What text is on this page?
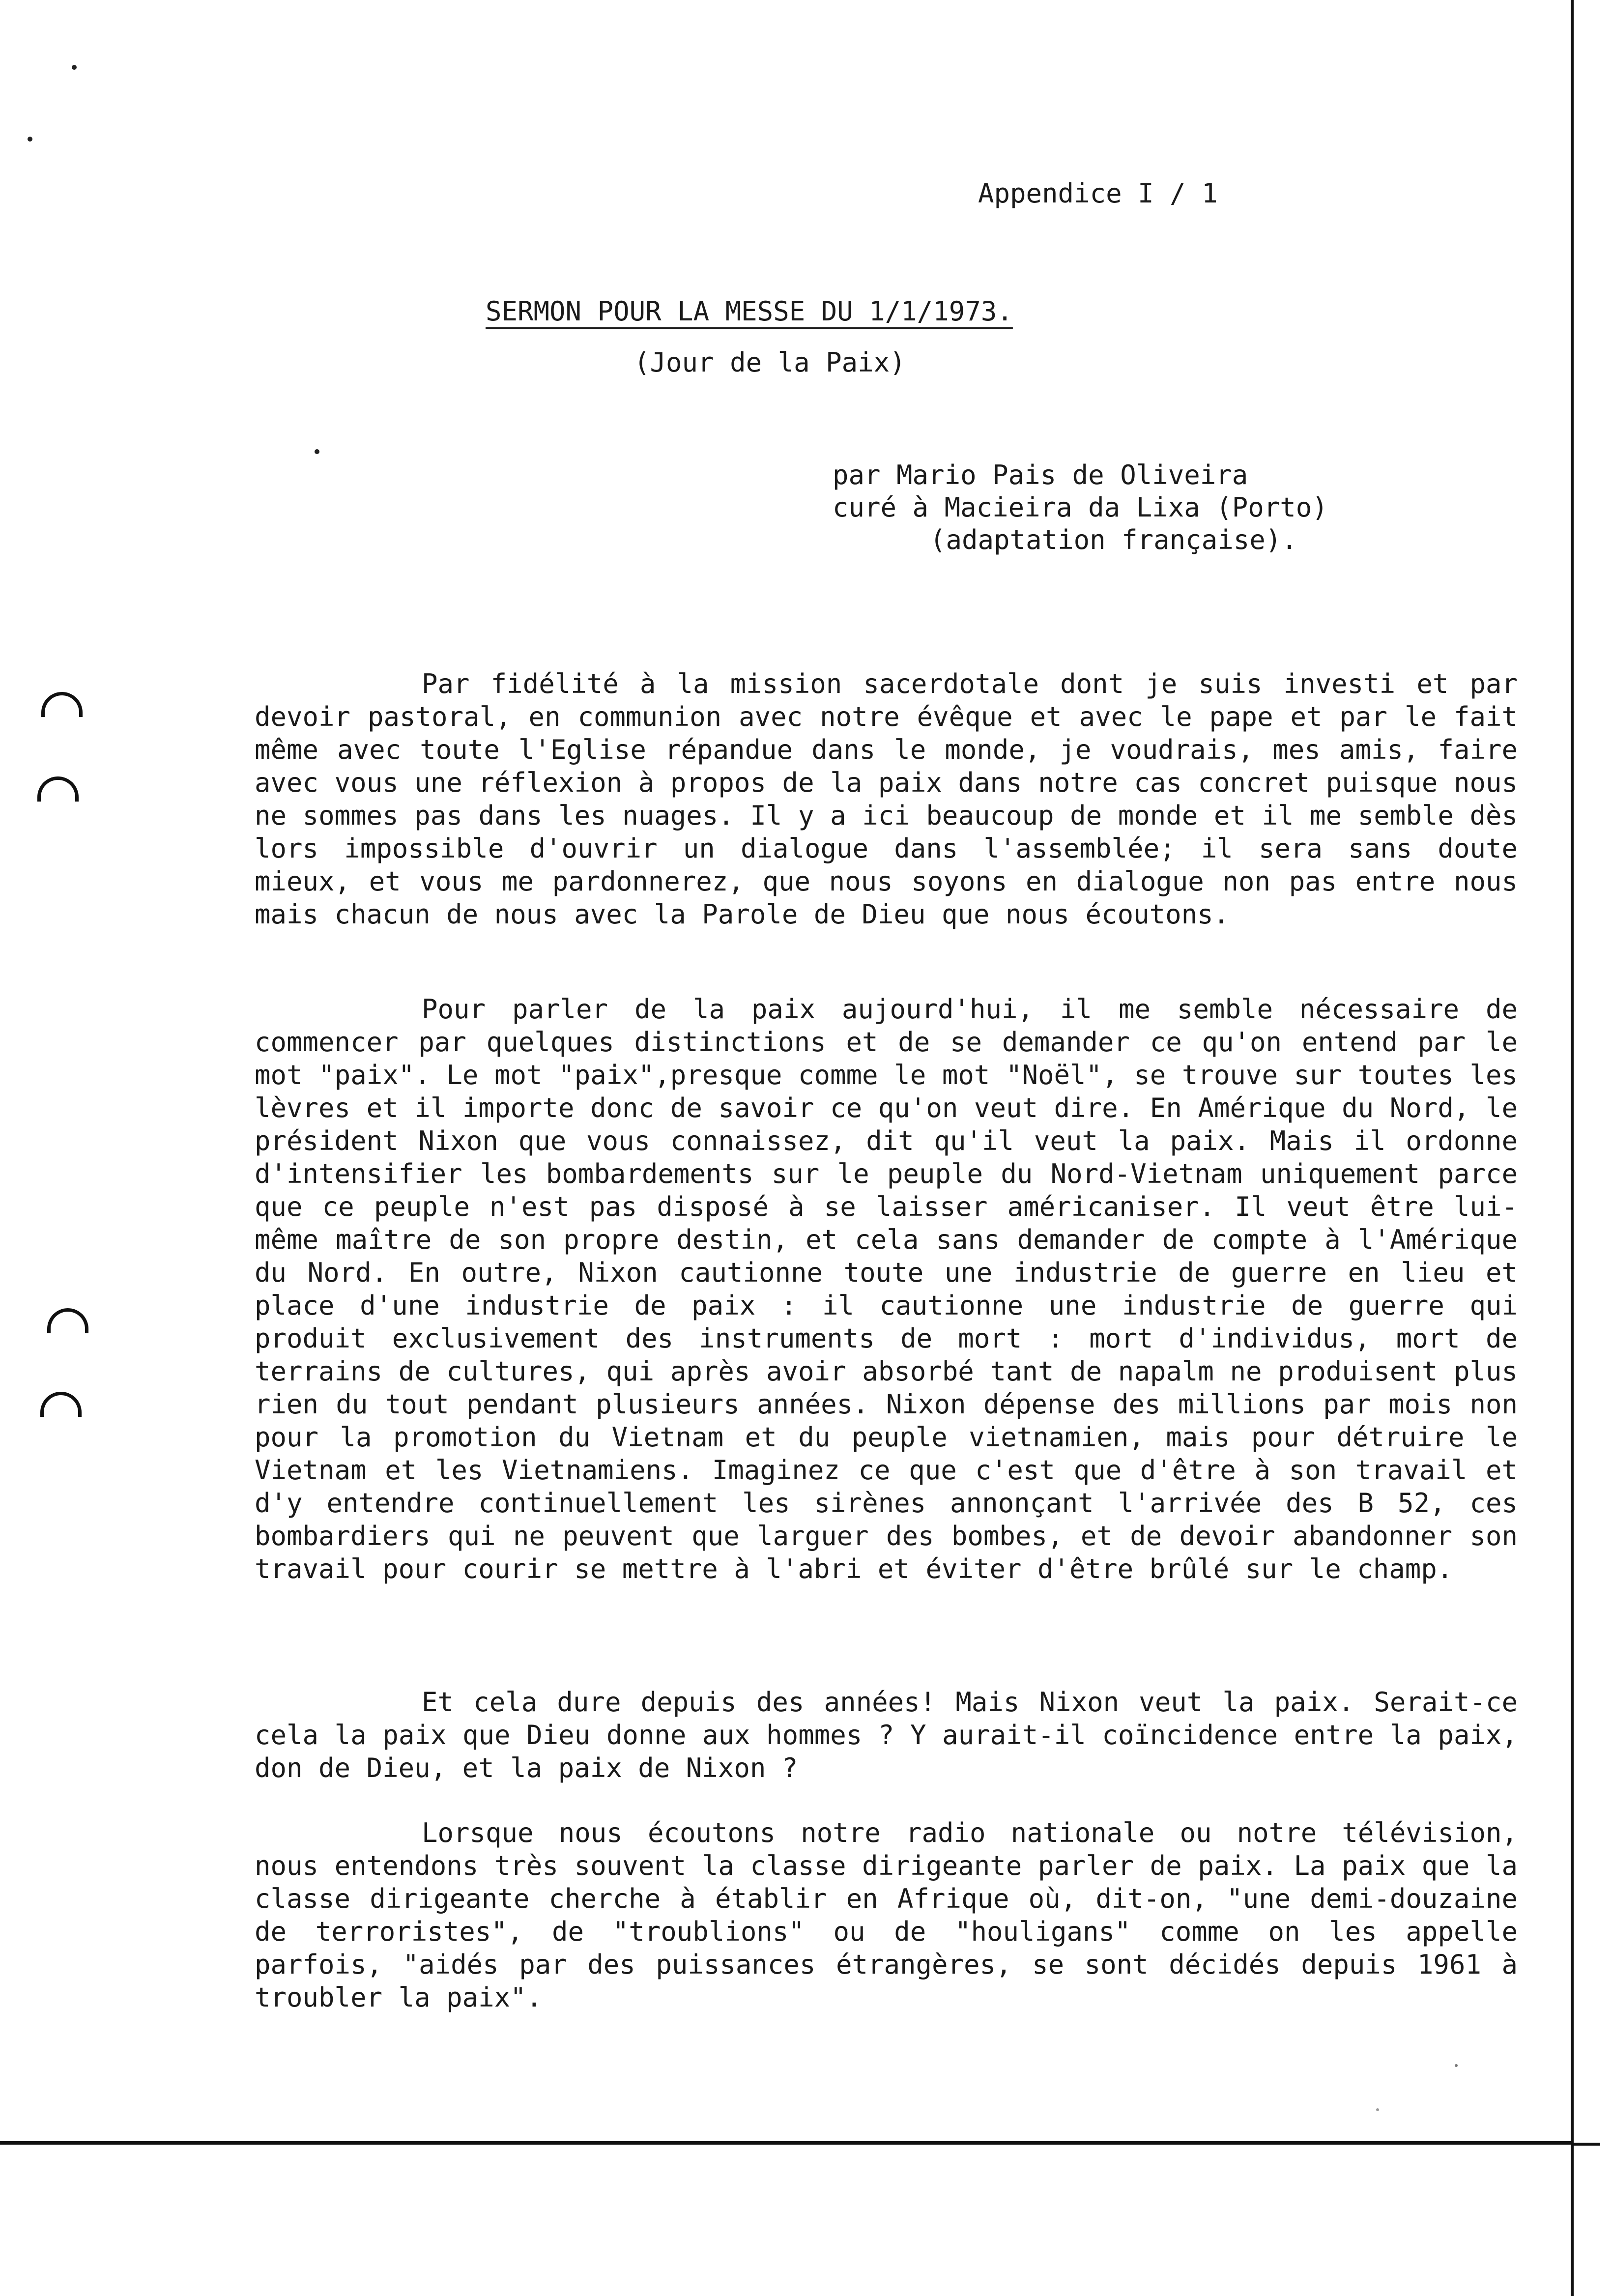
Appendice I / 1
SERMON POUR LA MESSE DU 1/1/1973.
(Jour de la Paix)
par Mario Pais de Oliveira
curé à Macieira da Lixa (Porto)
(adaptation française).
Par fidélité à la mission sacerdotale dont je suis investi et par devoir pastoral, en communion avec notre évêque et avec le pape et par le fait même avec toute l'Eglise répandue dans le monde, je voudrais, mes amis, faire avec vous une réflexion à propos de la paix dans notre cas concret puisque nous ne sommes pas dans les nuages. Il y a ici beaucoup de monde et il me semble dès lors impossible d'ouvrir un dialogue dans l'assemblée; il sera sans doute mieux, et vous me pardonnerez, que nous soyons en dialogue non pas entre nous mais chacun de nous avec la Parole de Dieu que nous écoutons.
Pour parler de la paix aujourd'hui, il me semble nécessaire de commencer par quelques distinctions et de se demander ce qu'on entend par le mot "paix". Le mot "paix",presque comme le mot "Noël", se trouve sur toutes les lèvres et il importe donc de savoir ce qu'on veut dire. En Amérique du Nord, le président Nixon que vous connaissez, dit qu'il veut la paix. Mais il ordonne d'intensifier les bombardements sur le peuple du Nord-Vietnam uniquement parce que ce peuple n'est pas disposé à se laisser américaniser. Il veut être lui-même maître de son propre destin, et cela sans demander de compte à l'Amérique du Nord. En outre, Nixon cautionne toute une industrie de guerre en lieu et place d'une industrie de paix : il cautionne une industrie de guerre qui produit exclusivement des instruments de mort : mort d'individus, mort de terrains de cultures, qui après avoir absorbé tant de napalm ne produisent plus rien du tout pendant plusieurs années. Nixon dépense des millions par mois non pour la promotion du Vietnam et du peuple vietnamien, mais pour détruire le Vietnam et les Vietnamiens. Imaginez ce que c'est que d'être à son travail et d'y entendre continuellement les sirènes annonçant l'arrivée des B 52, ces bombardiers qui ne peuvent que larguer des bombes, et de devoir abandonner son travail pour courir se mettre à l'abri et éviter d'être brûlé sur le champ.
Et cela dure depuis des années! Mais Nixon veut la paix. Serait-ce cela la paix que Dieu donne aux hommes ? Y aurait-il coïncidence entre la paix, don de Dieu, et la paix de Nixon ?
Lorsque nous écoutons notre radio nationale ou notre télévision, nous entendons très souvent la classe dirigeante parler de paix. La paix que la classe dirigeante cherche à établir en Afrique où, dit-on, "une demi-douzaine de terroristes", de "troublions" ou de "houligans" comme on les appelle parfois, "aidés par des puissances étrangères, se sont décidés depuis 1961 à troubler la paix".
